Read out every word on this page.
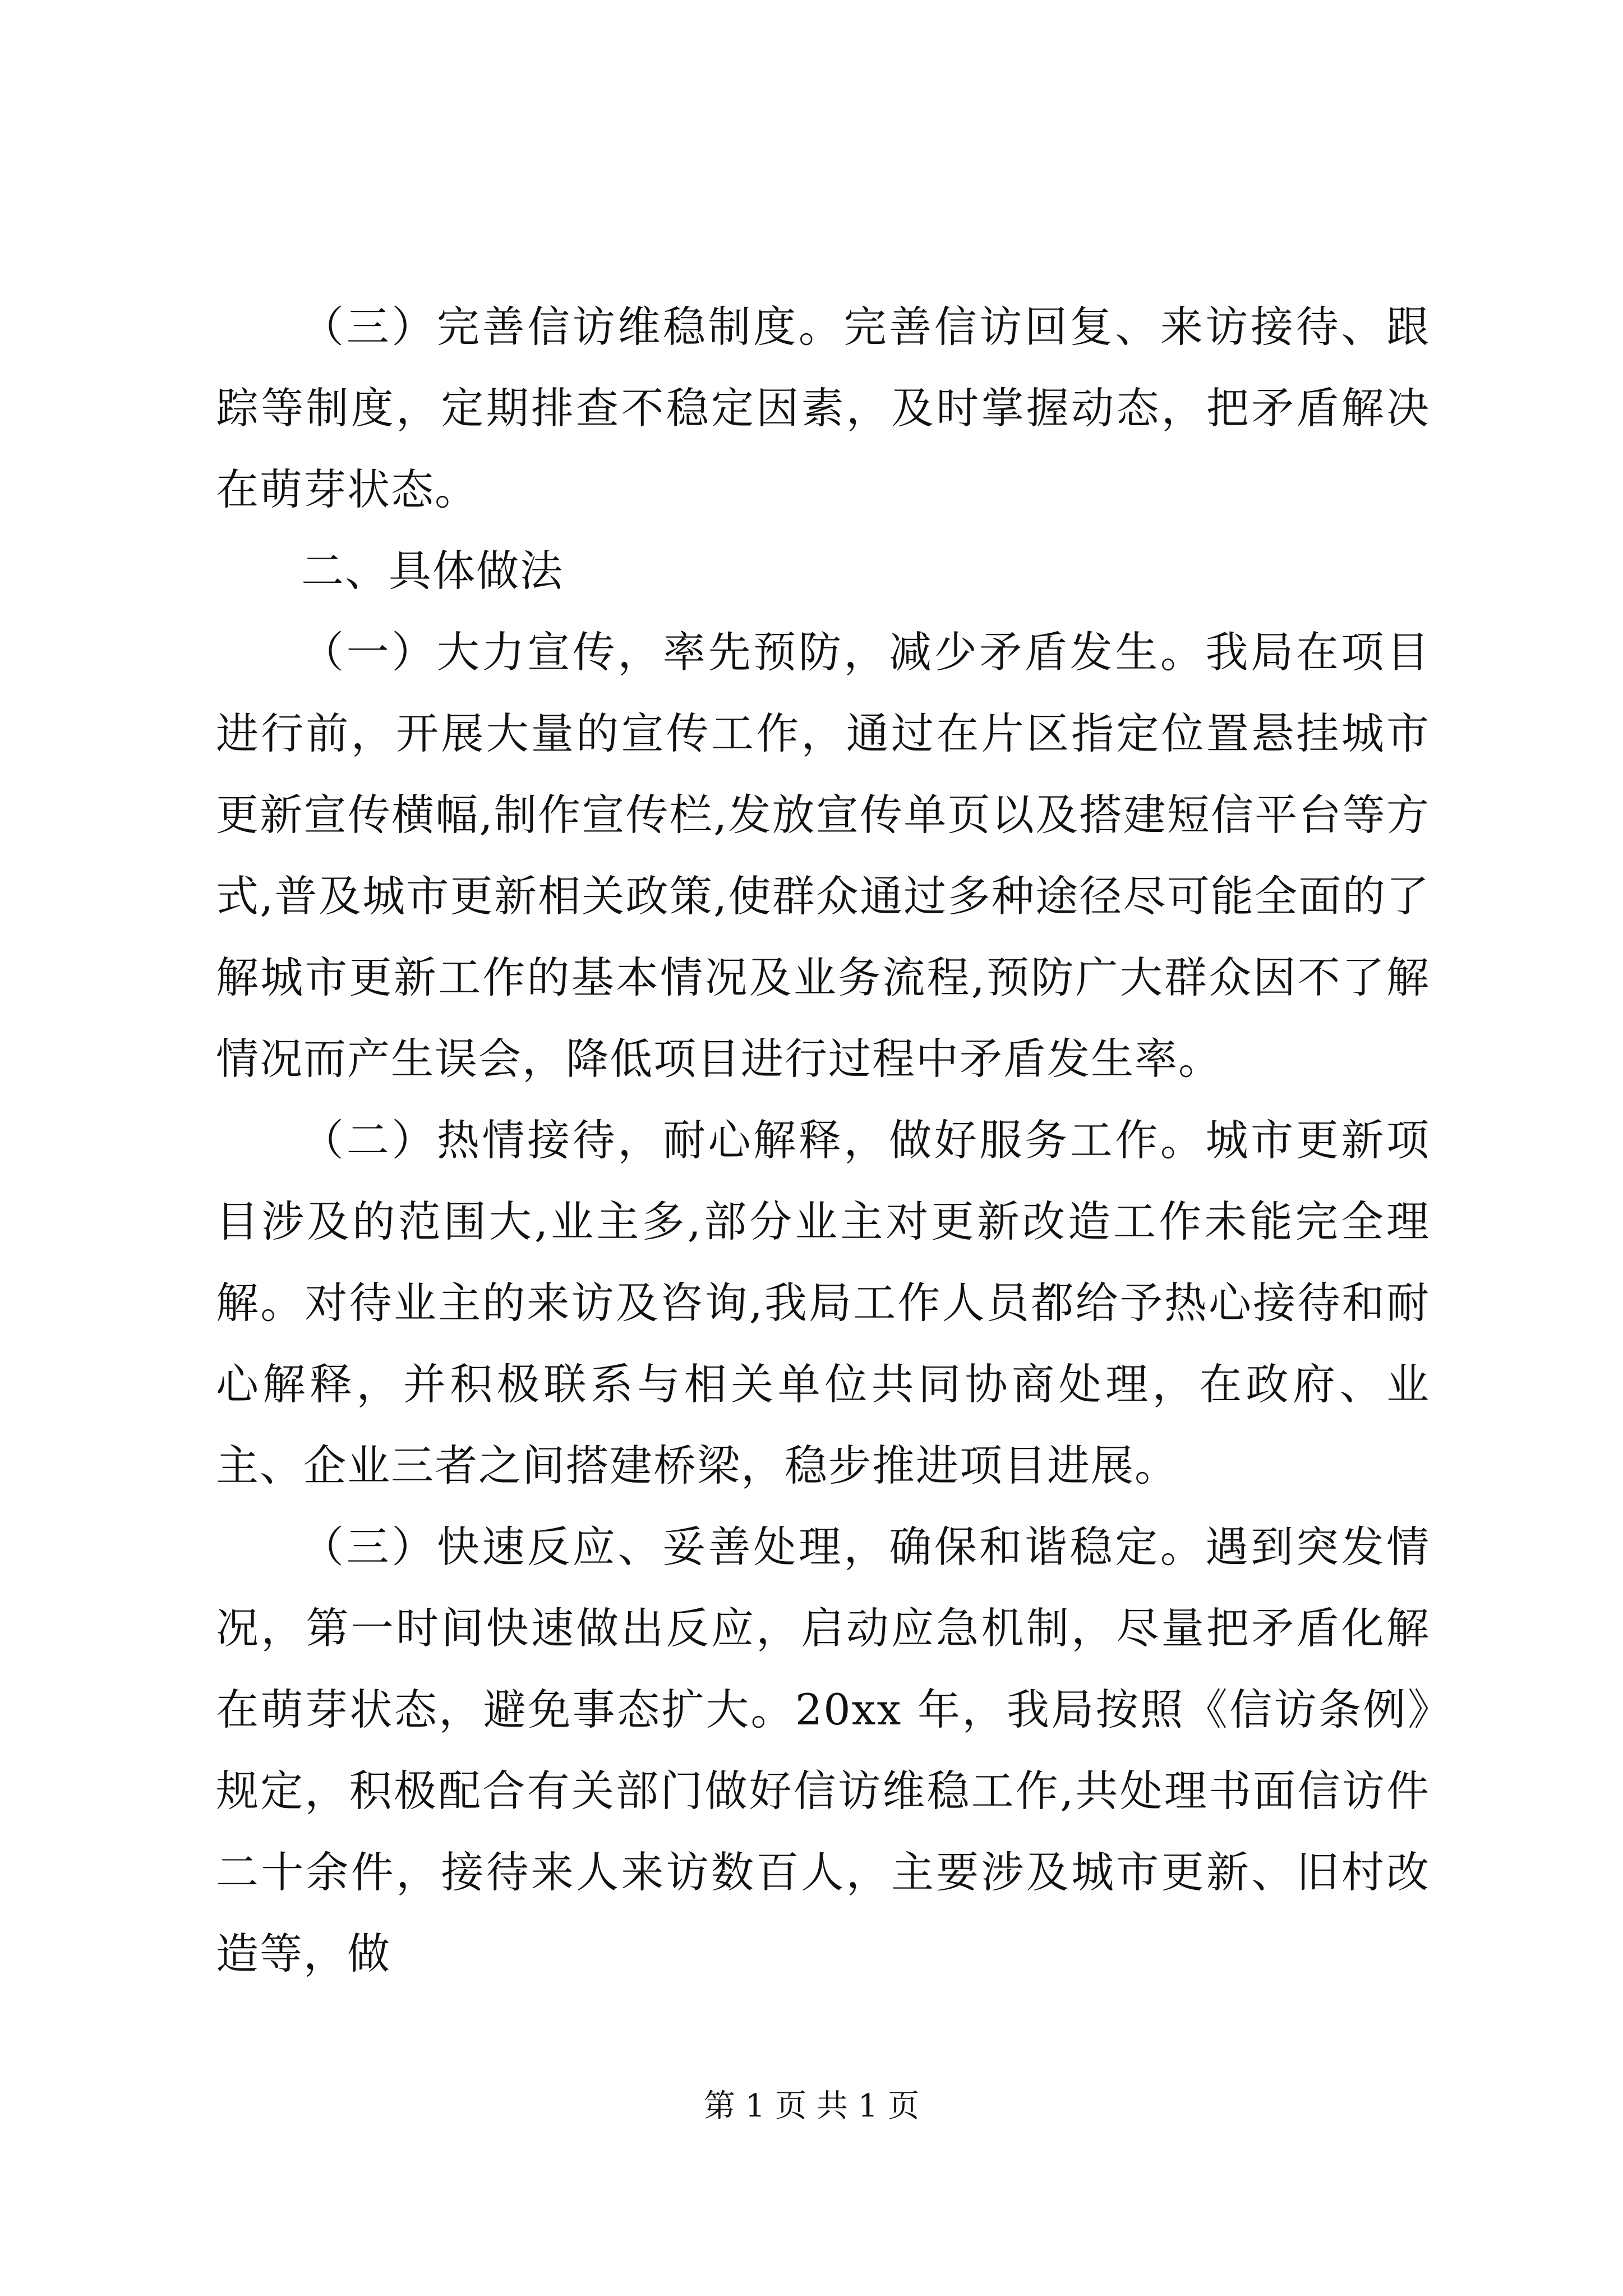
（三）完善信访维稳制度。完善信访回复、来访接待、跟踪等制度，定期排查不稳定因素，及时掌握动态，把矛盾解决在萌芽状态。

二、具体做法

（一）大力宣传，率先预防，减少矛盾发生。我局在项目进行前，开展大量的宣传工作，通过在片区指定位置悬挂城市更新宣传横幅,制作宣传栏,发放宣传单页以及搭建短信平台等方式,普及城市更新相关政策,使群众通过多种途径尽可能全面的了解城市更新工作的基本情况及业务流程,预防广大群众因不了解情况而产生误会，降低项目进行过程中矛盾发生率。

（二）热情接待，耐心解释，做好服务工作。城市更新项目涉及的范围大,业主多,部分业主对更新改造工作未能完全理解。对待业主的来访及咨询,我局工作人员都给予热心接待和耐心解释，并积极联系与相关单位共同协商处理，在政府、业主、企业三者之间搭建桥梁，稳步推进项目进展。

（三）快速反应、妥善处理，确保和谐稳定。遇到突发情况，第一时间快速做出反应，启动应急机制，尽量把矛盾化解在萌芽状态，避免事态扩大。20xx 年，我局按照《信访条例》规定，积极配合有关部门做好信访维稳工作,共处理书面信访件二十余件，接待来人来访数百人，主要涉及城市更新、旧村改造等，做

第 1 页 共 1 页
